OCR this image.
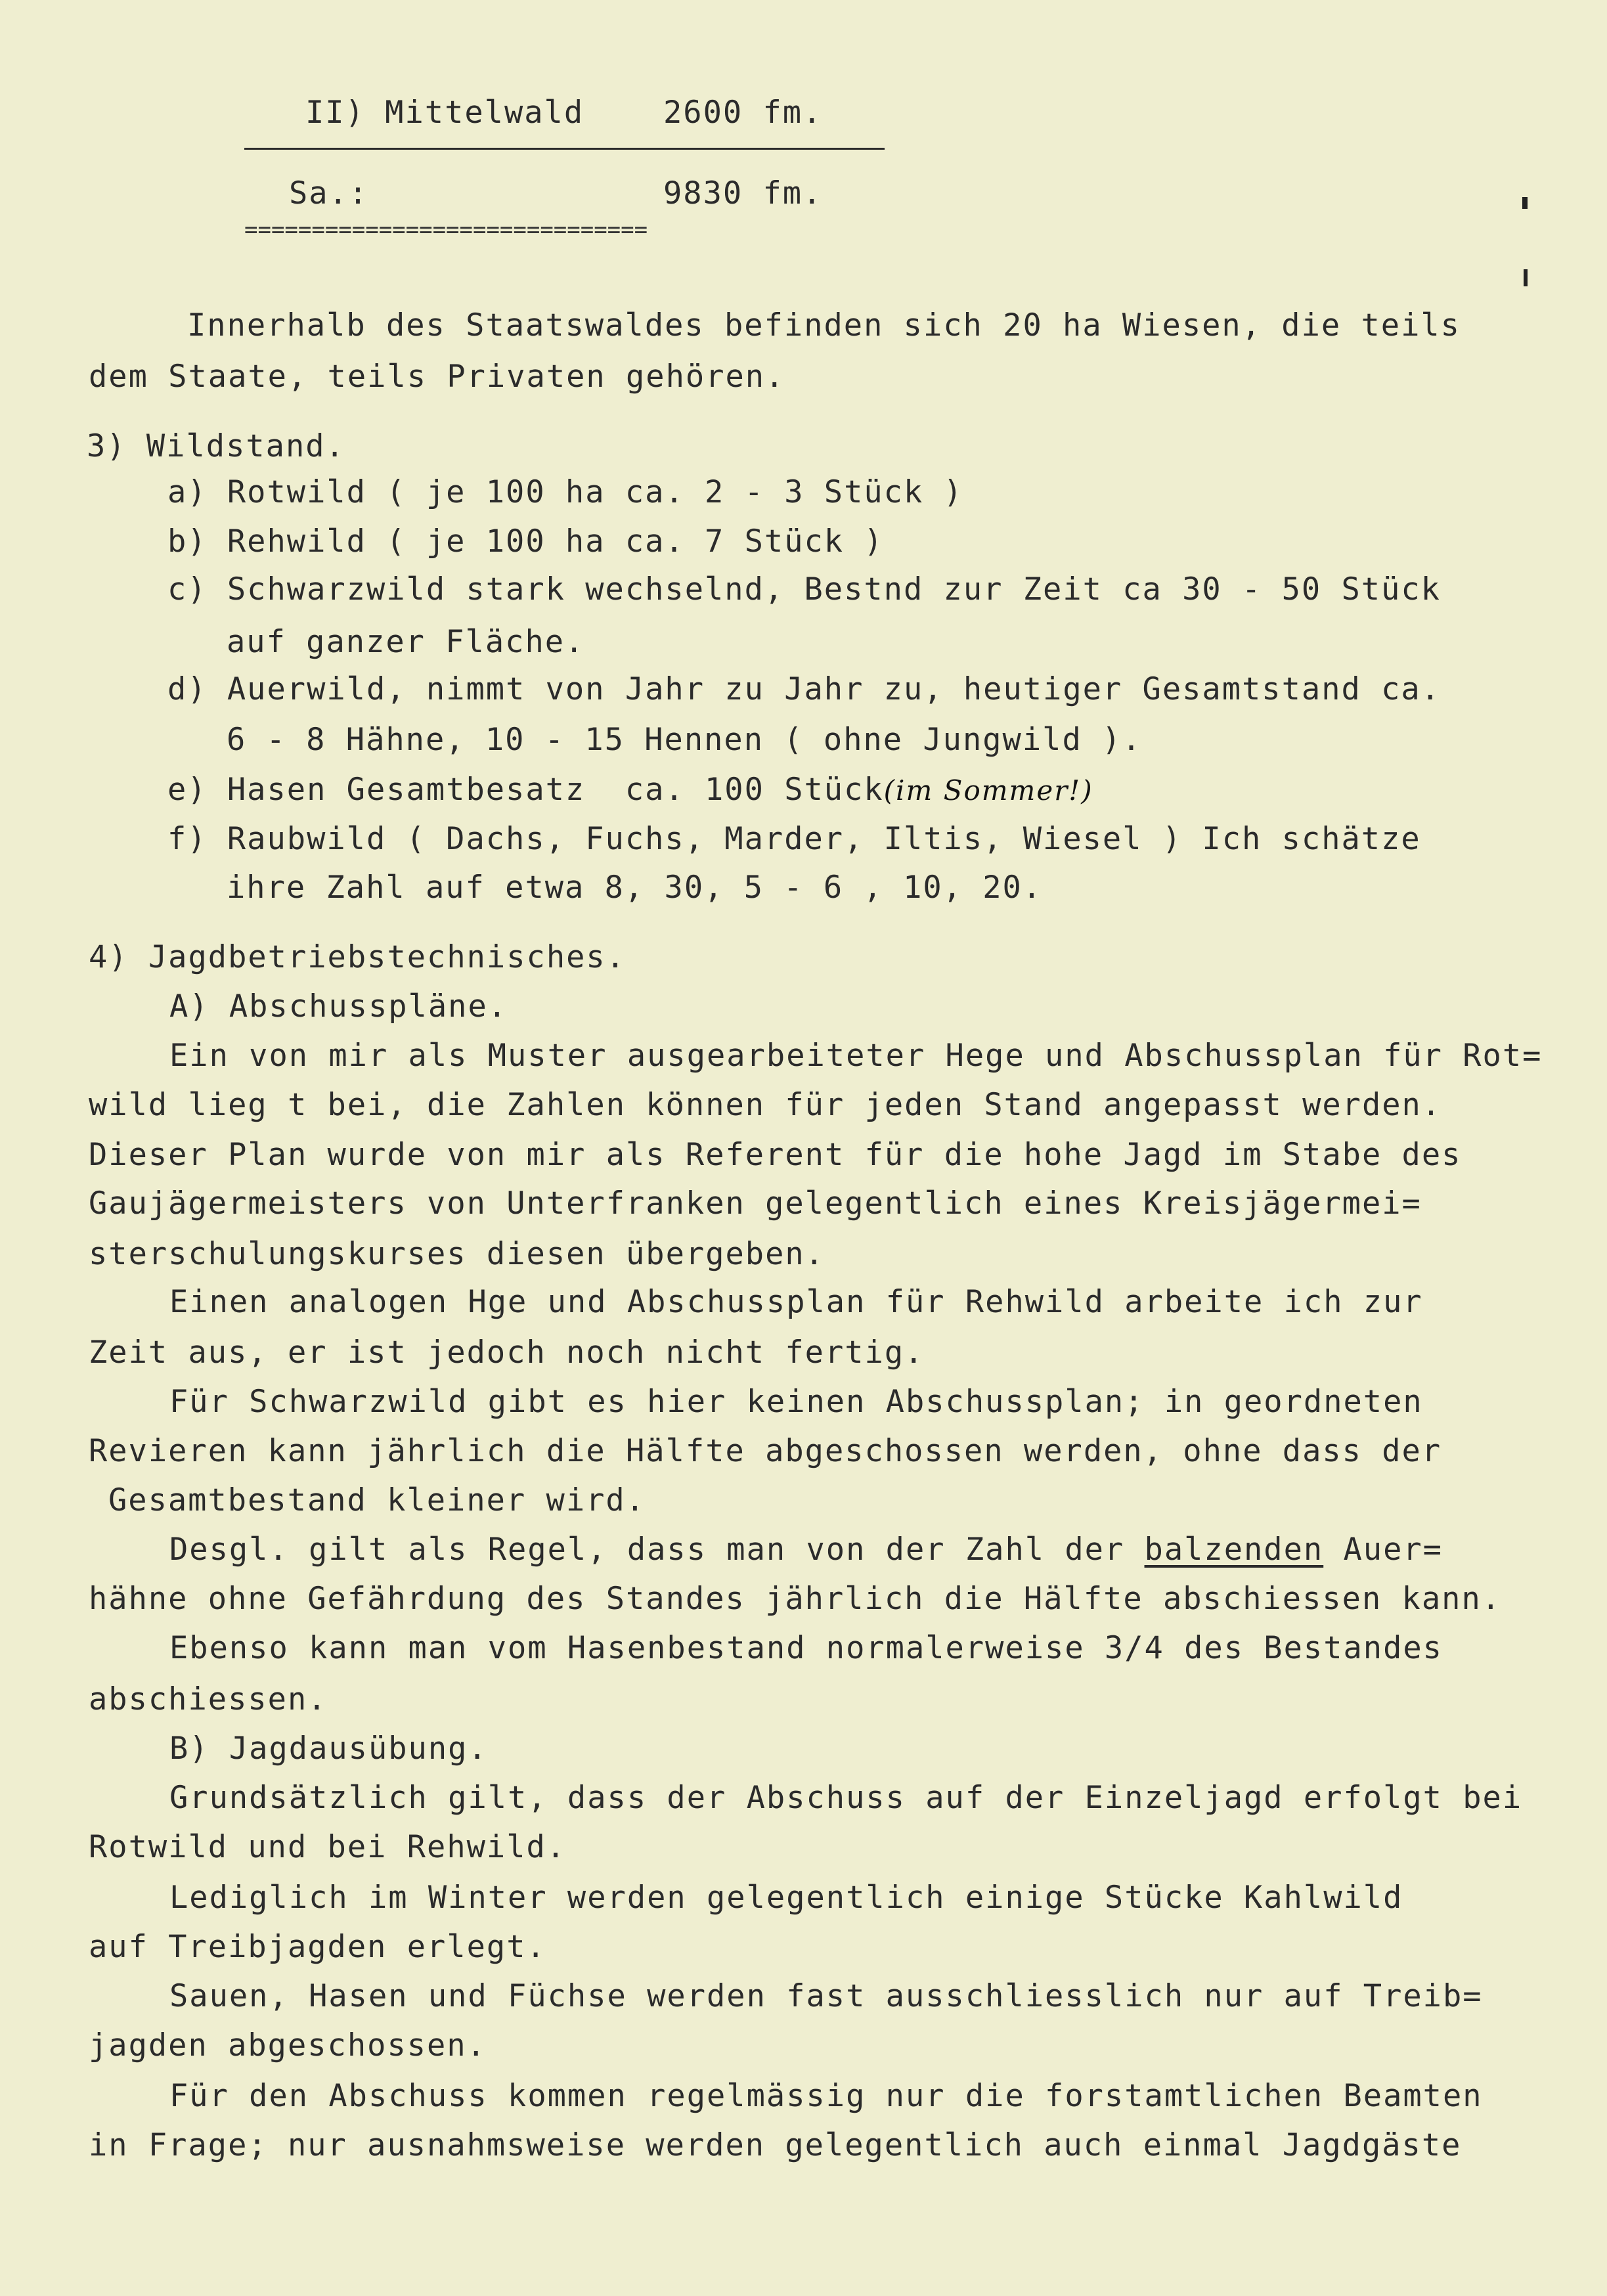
II) Mittelwald	2600 fm.
Sa.:	9830 fm.
==============================
Innerhalb des Staatswaldes befinden sich 20 ha Wiesen, die teils
dem Staate, teils Privaten gehören.
3) Wildstand.
a) Rotwild ( je 100 ha ca. 2 - 3 Stück )
b) Rehwild ( je 100 ha ca. 7 Stück )
c) Schwarzwild stark wechselnd, Bestnd zur Zeit ca 30 - 50 Stück
auf ganzer Fläche.
d) Auerwild, nimmt von Jahr zu Jahr zu, heutiger Gesamtstand ca.
6 - 8 Hähne, 10 - 15 Hennen ( ohne Jungwild ).
e) Hasen Gesamtbesatz  ca. 100 Stück(im Sommer!)
f) Raubwild ( Dachs, Fuchs, Marder, Iltis, Wiesel ) Ich schätze
ihre Zahl auf etwa 8, 30, 5 - 6 , 10, 20.
4) Jagdbetriebstechnisches.
A) Abschusspläne.
Ein von mir als Muster ausgearbeiteter Hege und Abschussplan für Rot=
wild lieg t bei, die Zahlen können für jeden Stand angepasst werden.
Dieser Plan wurde von mir als Referent für die hohe Jagd im Stabe des
Gaujägermeisters von Unterfranken gelegentlich eines Kreisjägermei=
sterschulungskurses diesen übergeben.
Einen analogen Hge und Abschussplan für Rehwild arbeite ich zur
Zeit aus, er ist jedoch noch nicht fertig.
Für Schwarzwild gibt es hier keinen Abschussplan; in geordneten
Revieren kann jährlich die Hälfte abgeschossen werden, ohne dass der
Gesamtbestand kleiner wird.
Desgl. gilt als Regel, dass man von der Zahl der balzenden Auer=
hähne ohne Gefährdung des Standes jährlich die Hälfte abschiessen kann.
Ebenso kann man vom Hasenbestand normalerweise 3/4 des Bestandes
abschiessen.
B) Jagdausübung.
Grundsätzlich gilt, dass der Abschuss auf der Einzeljagd erfolgt bei
Rotwild und bei Rehwild.
Lediglich im Winter werden gelegentlich einige Stücke Kahlwild
auf Treibjagden erlegt.
Sauen, Hasen und Füchse werden fast ausschliesslich nur auf Treib=
jagden abgeschossen.
Für den Abschuss kommen regelmässig nur die forstamtlichen Beamten
in Frage; nur ausnahmsweise werden gelegentlich auch einmal Jagdgäste
